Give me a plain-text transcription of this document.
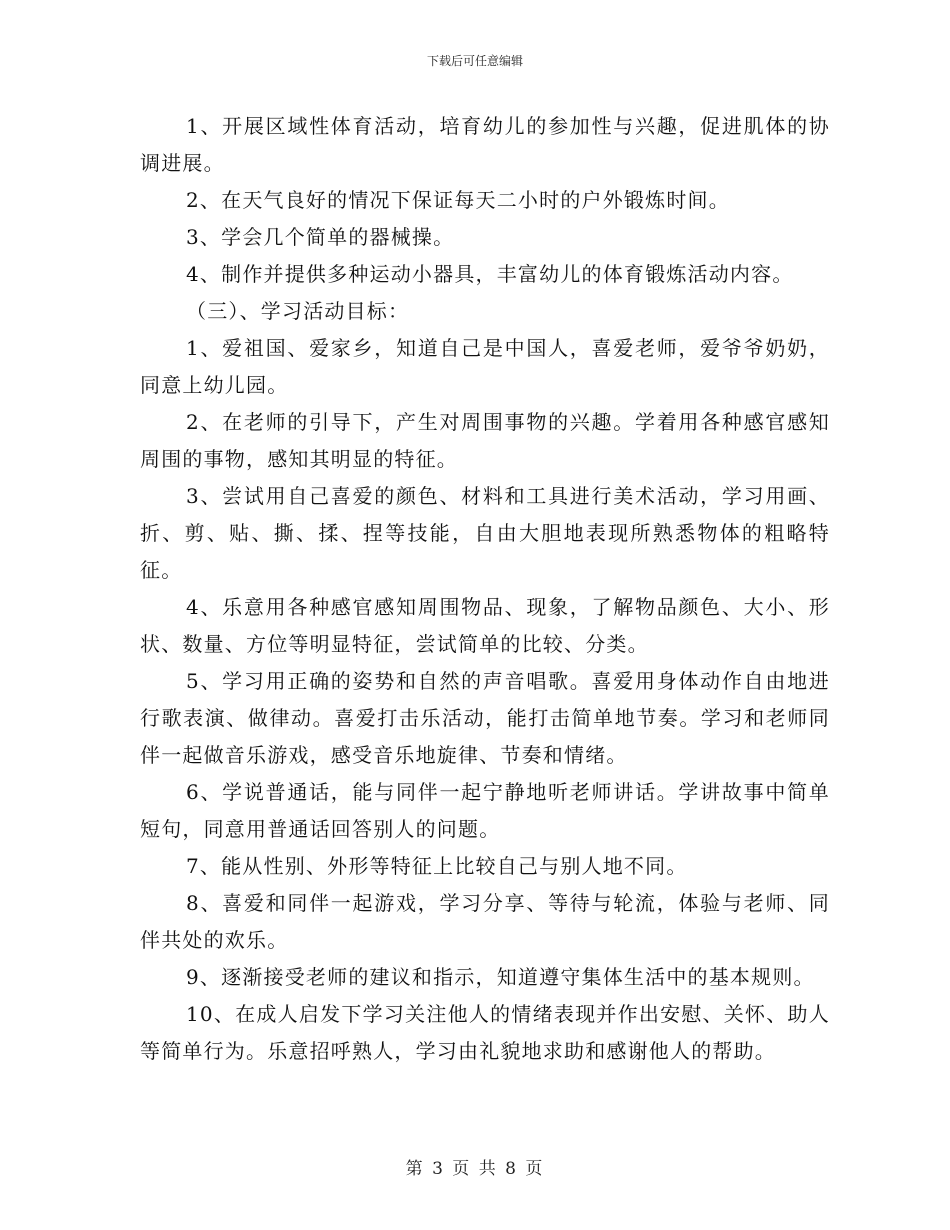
下载后可任意编辑

1、开展区域性体育活动，培育幼儿的参加性与兴趣，促进肌体的协调进展。

2、在天气良好的情况下保证每天二小时的户外锻炼时间。

3、学会几个简单的器械操。

4、制作并提供多种运动小器具，丰富幼儿的体育锻炼活动内容。

（三）、学习活动目标：

1、爱祖国、爱家乡，知道自己是中国人，喜爱老师，爱爷爷奶奶，同意上幼儿园。

2、在老师的引导下，产生对周围事物的兴趣。学着用各种感官感知周围的事物，感知其明显的特征。

3、尝试用自己喜爱的颜色、材料和工具进行美术活动，学习用画、折、剪、贴、撕、揉、捏等技能，自由大胆地表现所熟悉物体的粗略特征。

4、乐意用各种感官感知周围物品、现象，了解物品颜色、大小、形状、数量、方位等明显特征，尝试简单的比较、分类。

5、学习用正确的姿势和自然的声音唱歌。喜爱用身体动作自由地进行歌表演、做律动。喜爱打击乐活动，能打击简单地节奏。学习和老师同伴一起做音乐游戏，感受音乐地旋律、节奏和情绪。

6、学说普通话，能与同伴一起宁静地听老师讲话。学讲故事中简单短句，同意用普通话回答别人的问题。

7、能从性别、外形等特征上比较自己与别人地不同。

8、喜爱和同伴一起游戏，学习分享、等待与轮流，体验与老师、同伴共处的欢乐。

9、逐渐接受老师的建议和指示，知道遵守集体生活中的基本规则。

10、在成人启发下学习关注他人的情绪表现并作出安慰、关怀、助人等简单行为。乐意招呼熟人，学习由礼貌地求助和感谢他人的帮助。

第 3 页 共 8 页
